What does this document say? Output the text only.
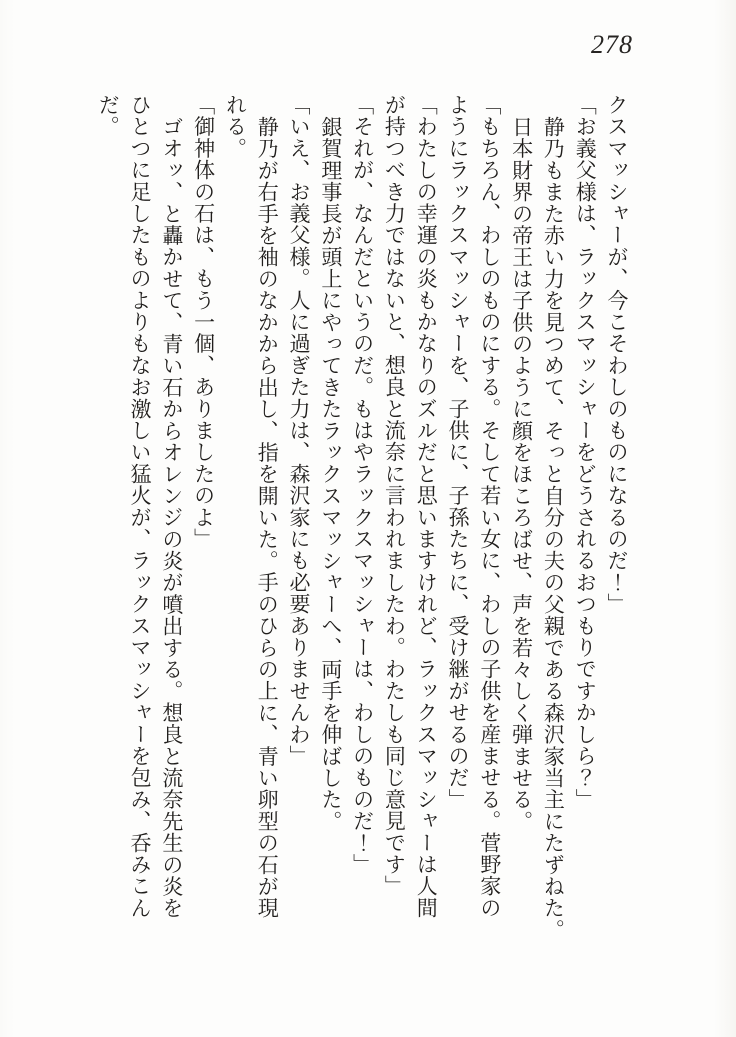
278
クスマッシャーが、今こそわしのものになるのだ！」
「お義父様は、ラックスマッシャーをどうされるおつもりですかしら？」
静乃もまた赤い力を見つめて、そっと自分の夫の父親である森沢家当主にたずねた。
日本財界の帝王は子供のように顔をほころばせ、声を若々しく弾ませる。
「もちろん、わしのものにする。そして若い女に、わしの子供を産ませる。菅野家の
ようにラックスマッシャーを、子供に、子孫たちに、受け継がせるのだ」
「わたしの幸運の炎もかなりのズルだと思いますけれど、ラックスマッシャーは人間
が持つべき力ではないと、想良と流奈に言われましたわ。わたしも同じ意見です」
「それが、なんだというのだ。もはやラックスマッシャーは、わしのものだ！」
銀賀理事長が頭上にやってきたラックスマッシャーへ、両手を伸ばした。
「いえ、お義父様。人に過ぎた力は、森沢家にも必要ありませんわ」
静乃が右手を袖のなかから出し、指を開いた。手のひらの上に、青い卵型の石が現
れる。
「御神体の石は、もう一個、ありましたのよ」
ゴオッ、と轟かせて、青い石からオレンジの炎が噴出する。想良と流奈先生の炎を
ひとつに足したものよりもなお激しい猛火が、ラックスマッシャーを包み、呑みこん
だ。
